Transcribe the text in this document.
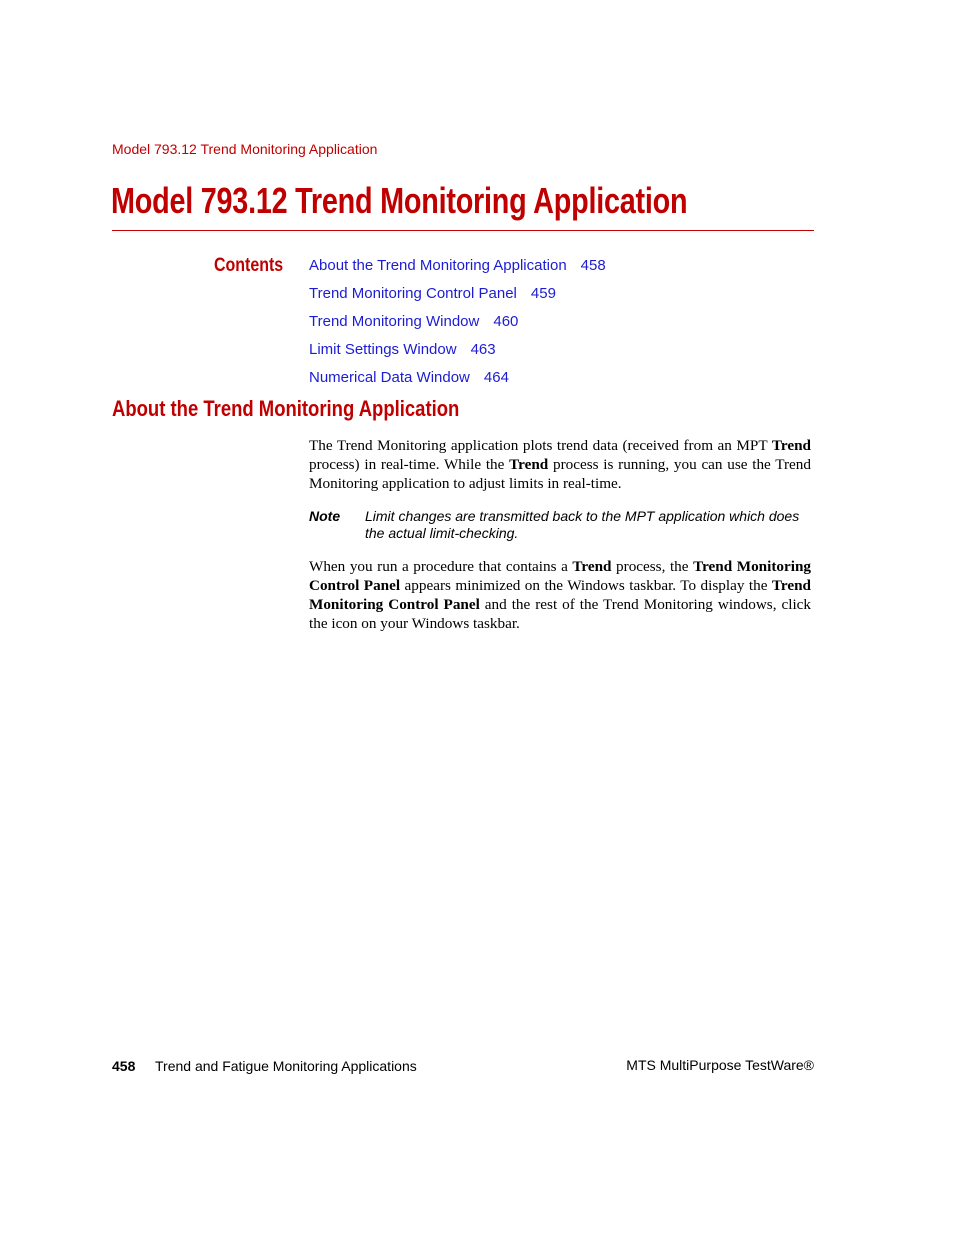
Model 793.12 Trend Monitoring Application
Model 793.12 Trend Monitoring Application
Contents About the Trend Monitoring Application 458
Trend Monitoring Control Panel 459
Trend Monitoring Window 460
Limit Settings Window 463
Numerical Data Window 464
About the Trend Monitoring Application
The Trend Monitoring application plots trend data (received from an MPT Trend process) in real-time. While the Trend process is running, you can use the Trend Monitoring application to adjust limits in real-time.
Note Limit changes are transmitted back to the MPT application which does the actual limit-checking.
When you run a procedure that contains a Trend process, the Trend Monitoring Control Panel appears minimized on the Windows taskbar. To display the Trend Monitoring Control Panel and the rest of the Trend Monitoring windows, click the icon on your Windows taskbar.
458 Trend and Fatigue Monitoring Applications	MTS MultiPurpose TestWare®
